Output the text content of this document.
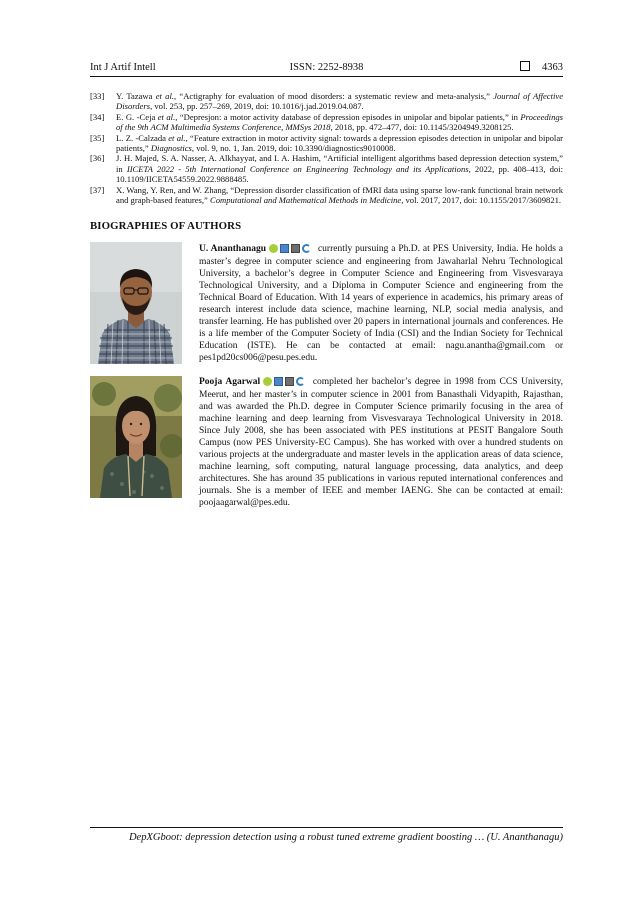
Int J Artif Intell	ISSN: 2252-8938	4363
[33] Y. Tazawa et al., “Actigraphy for evaluation of mood disorders: a systematic review and meta-analysis,” Journal of Affective Disorders, vol. 253, pp. 257–269, 2019, doi: 10.1016/j.jad.2019.04.087.
[34] E. G. -Ceja et al., “Depresjon: a motor activity database of depression episodes in unipolar and bipolar patients,” in Proceedings of the 9th ACM Multimedia Systems Conference, MMSys 2018, 2018, pp. 472–477, doi: 10.1145/3204949.3208125.
[35] L. Z. -Calzada et al., “Feature extraction in motor activity signal: towards a depression episodes detection in unipolar and bipolar patients,” Diagnostics, vol. 9, no. 1, Jan. 2019, doi: 10.3390/diagnostics9010008.
[36] J. H. Majed, S. A. Nasser, A. Alkhayyat, and I. A. Hashim, “Artificial intelligent algorithms based depression detection system,” in IICETA 2022 - 5th International Conference on Engineering Technology and its Applications, 2022, pp. 408–413, doi: 10.1109/IICETA54559.2022.9888485.
[37] X. Wang, Y. Ren, and W. Zhang, “Depression disorder classification of fMRI data using sparse low-rank functional brain network and graph-based features,” Computational and Mathematical Methods in Medicine, vol. 2017, 2017, doi: 10.1155/2017/3609821.
BIOGRAPHIES OF AUTHORS
U. Ananthanagu	currently pursuing a Ph.D. at PES University, India. He holds a master’s degree in computer science and engineering from Jawaharlal Nehru Technological University, a bachelor’s degree in Computer Science and Engineering from Visvesvaraya Technological University, and a Diploma in Computer Science and engineering from the Technical Board of Education. With 14 years of experience in academics, his primary areas of research interest include data science, machine learning, NLP, social media analysis, and transfer learning. He has published over 20 papers in international journals and conferences. He is a life member of the Computer Society of India (CSI) and the Indian Society for Technical Education (ISTE). He can be contacted at email: nagu.anantha@gmail.com or pes1pd20cs006@pesu.pes.edu.
Pooja Agarwal	completed her bachelor’s degree in 1998 from CCS University, Meerut, and her master’s in computer science in 2001 from Banasthali Vidyapith, Rajasthan, and was awarded the Ph.D. degree in Computer Science primarily focusing in the area of machine learning and deep learning from Visvesvaraya Technological University in 2018. Since July 2008, she has been associated with PES institutions at PESIT Bangalore South Campus (now PES University-EC Campus). She has worked with over a hundred students on various projects at the undergraduate and master levels in the application areas of data science, machine learning, soft computing, natural language processing, data analytics, and deep architectures. She has around 35 publications in various reputed international conferences and journals. She is a member of IEEE and member IAENG. She can be contacted at email: poojaagarwal@pes.edu.
DepXGboot: depression detection using a robust tuned extreme gradient boosting … (U. Ananthanagu)
